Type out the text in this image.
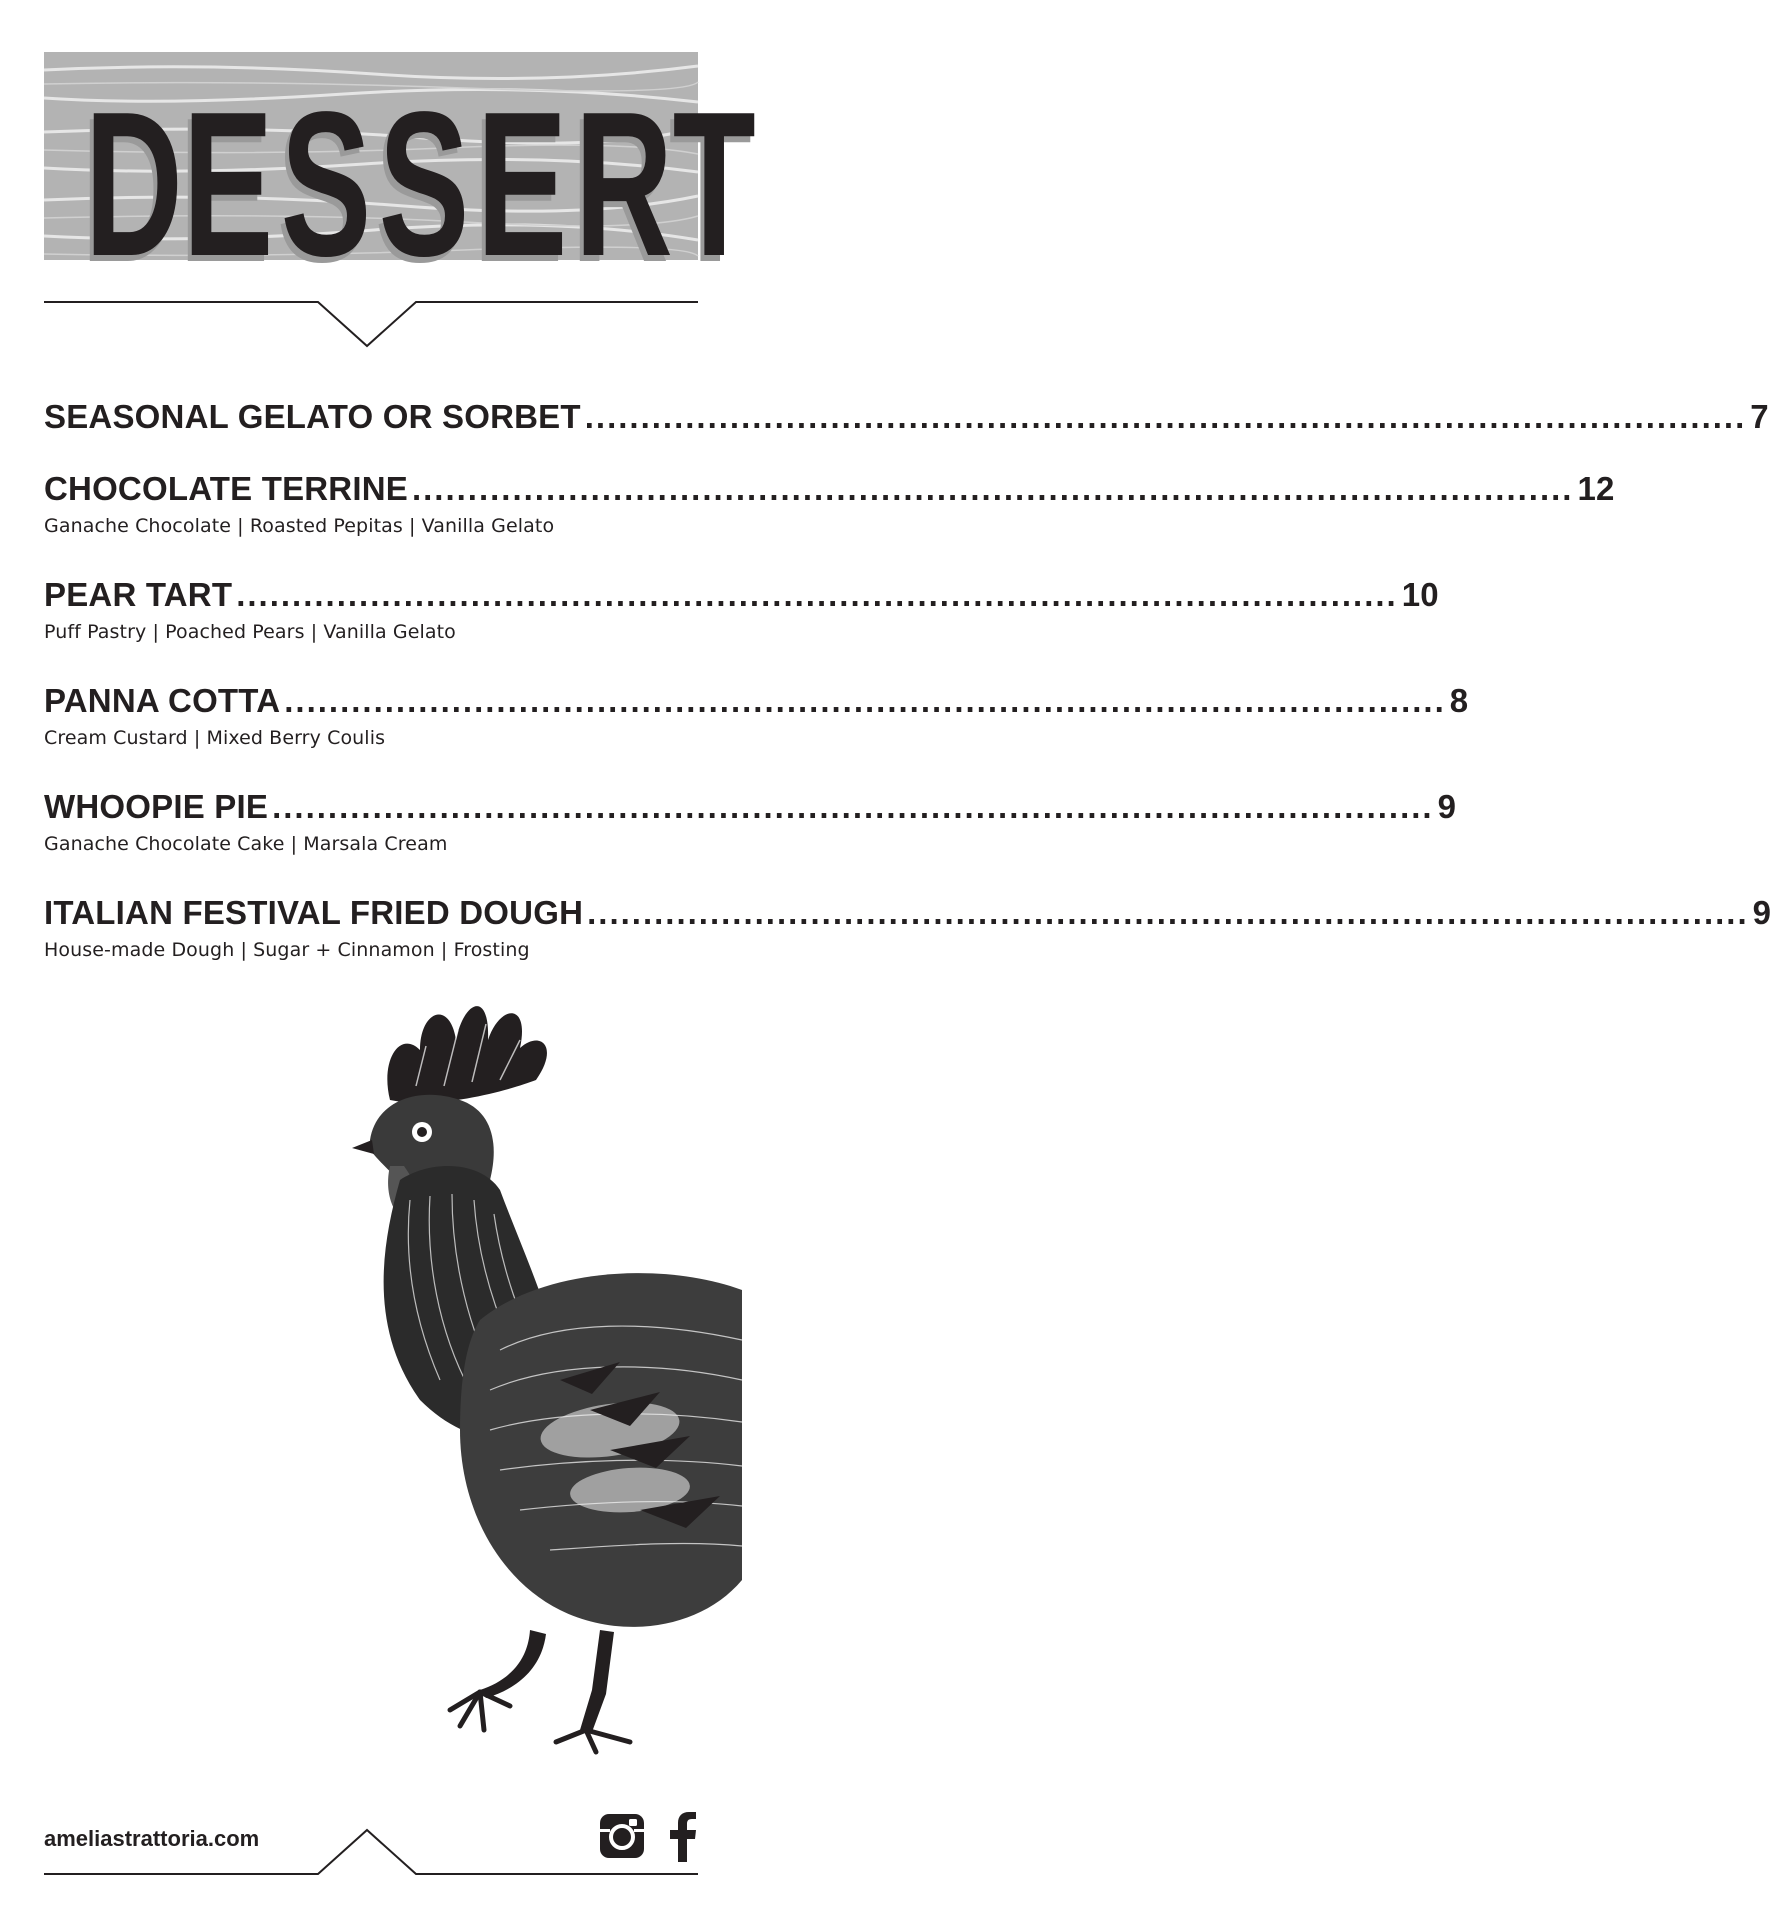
D E S S E R T
SEASONAL GELATO OR SORBET .....	7
CHOCOLATE TERRINE .....	12
Ganache Chocolate | Roasted Pepitas | Vanilla Gelato
PEAR TART .....	10
Puff Pastry | Poached Pears | Vanilla Gelato
PANNA COTTA .....	8
Cream Custard | Mixed Berry Coulis
WHOOPIE PIE .....	9
Ganache Chocolate Cake | Marsala Cream
ITALIAN FESTIVAL FRIED DOUGH .....	9
House-made Dough | Sugar + Cinnamon | Frosting
ameliastrattoria.com
